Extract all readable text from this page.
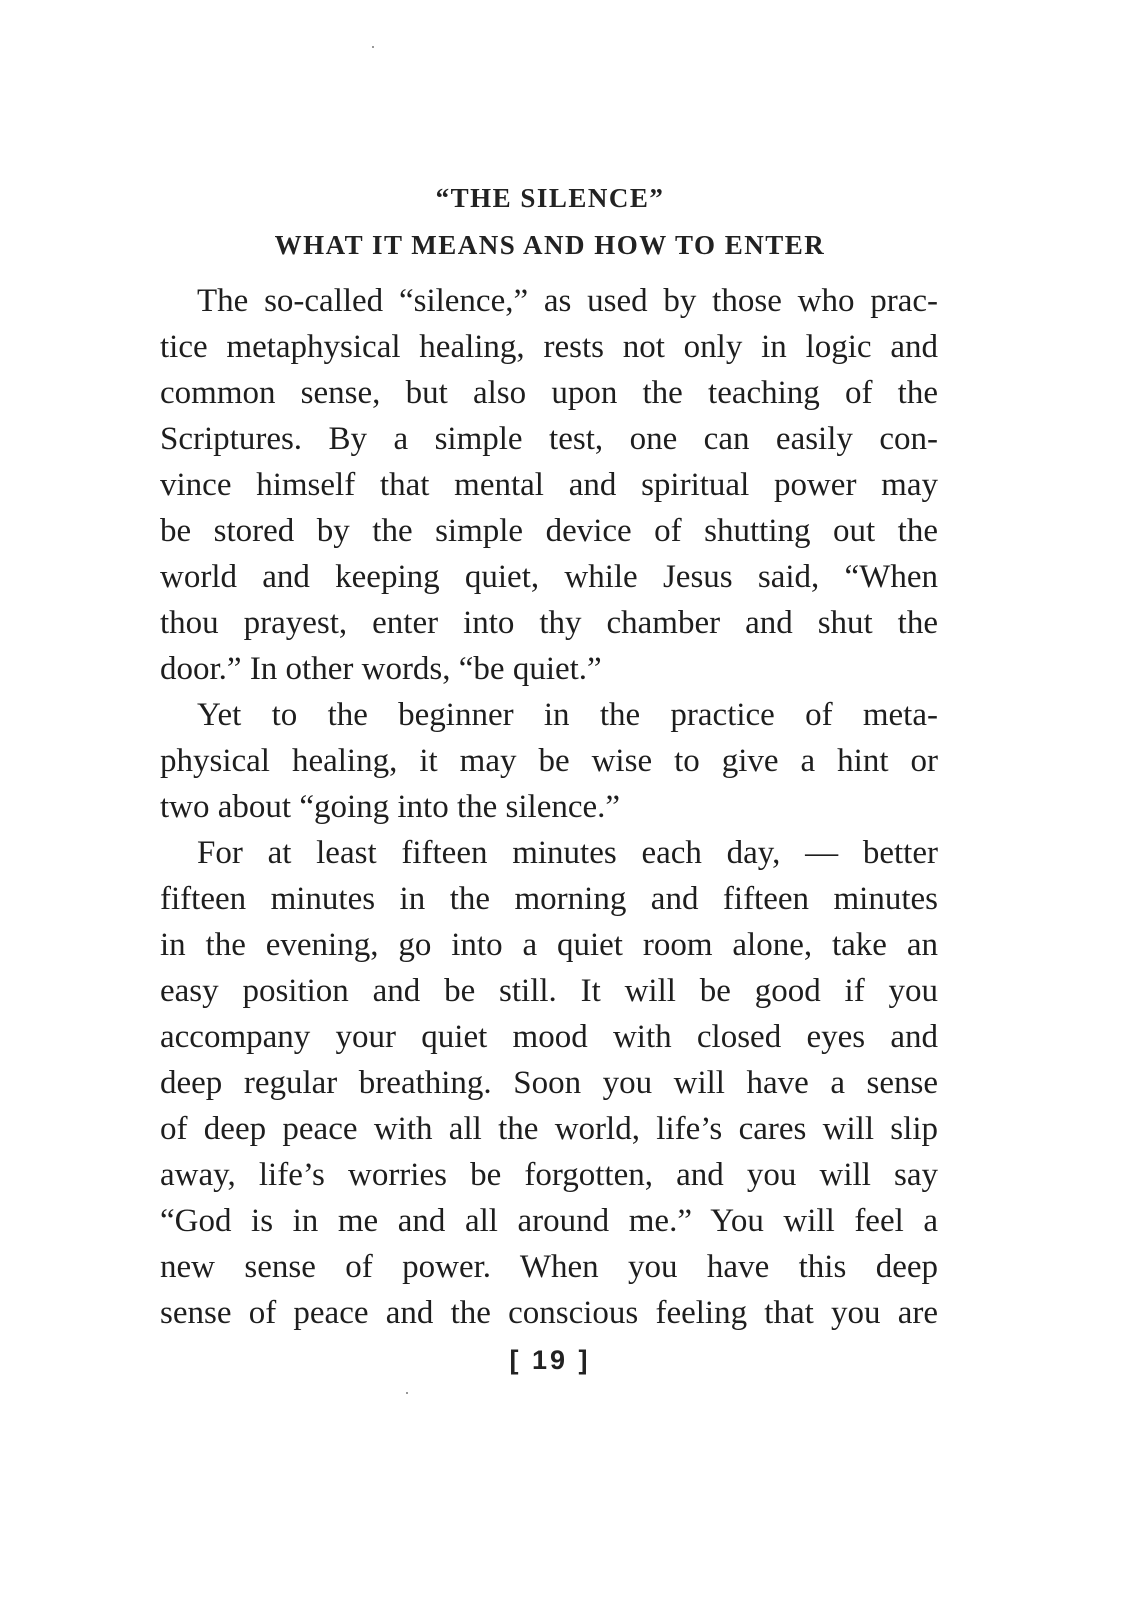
“THE SILENCE”
WHAT IT MEANS AND HOW TO ENTER
The so-called “silence,” as used by those who prac-
tice metaphysical healing, rests not only in logic and
common sense, but also upon the teaching of the
Scriptures. By a simple test, one can easily con-
vince himself that mental and spiritual power may
be stored by the simple device of shutting out the
world and keeping quiet, while Jesus said, “When
thou prayest, enter into thy chamber and shut the
door.” In other words, “be quiet.”
Yet to the beginner in the practice of meta-
physical healing, it may be wise to give a hint or
two about “going into the silence.”
For at least fifteen minutes each day, — better
fifteen minutes in the morning and fifteen minutes
in the evening, go into a quiet room alone, take an
easy position and be still. It will be good if you
accompany your quiet mood with closed eyes and
deep regular breathing. Soon you will have a sense
of deep peace with all the world, life’s cares will slip
away, life’s worries be forgotten, and you will say
“God is in me and all around me.” You will feel a
new sense of power. When you have this deep
sense of peace and the conscious feeling that you are
[ 19 ]
